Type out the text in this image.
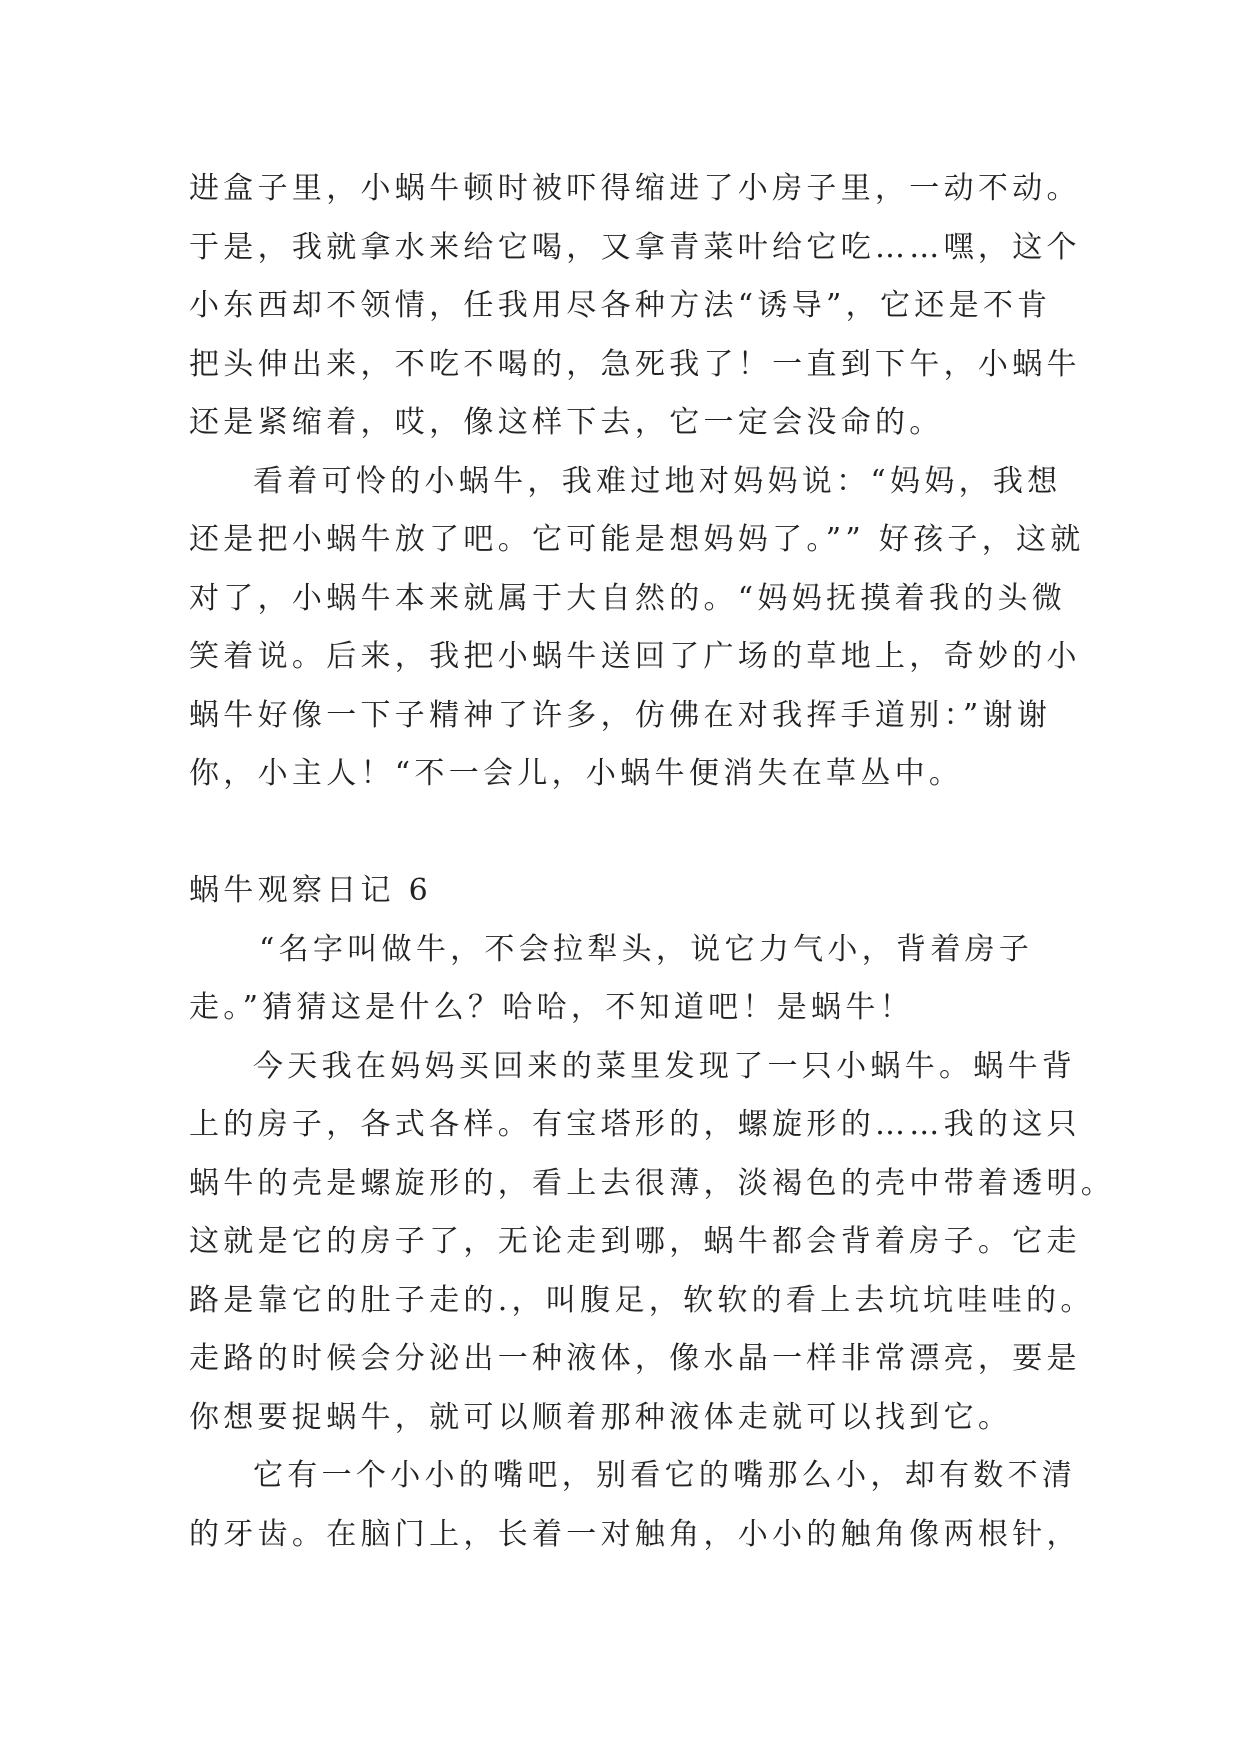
进盒子里，小蜗牛顿时被吓得缩进了小房子里，一动不动。
于是，我就拿水来给它喝，又拿青菜叶给它吃……嘿，这个
小东西却不领情，任我用尽各种方法“诱导”，它还是不肯
把头伸出来，不吃不喝的，急死我了！一直到下午，小蜗牛
还是紧缩着，哎，像这样下去，它一定会没命的。
看着可怜的小蜗牛，我难过地对妈妈说：“妈妈，我想
还是把小蜗牛放了吧。它可能是想妈妈了。”” 好孩子，这就
对了，小蜗牛本来就属于大自然的。“妈妈抚摸着我的头微
笑着说。后来，我把小蜗牛送回了广场的草地上，奇妙的小
蜗牛好像一下子精神了许多，仿佛在对我挥手道别：”谢谢
你，小主人！“不一会儿，小蜗牛便消失在草丛中。
蜗牛观察日记 6
“名字叫做牛，不会拉犁头，说它力气小，背着房子
走。”猜猜这是什么？哈哈，不知道吧！是蜗牛！
今天我在妈妈买回来的菜里发现了一只小蜗牛。蜗牛背
上的房子，各式各样。有宝塔形的，螺旋形的……我的这只
蜗牛的壳是螺旋形的，看上去很薄，淡褐色的壳中带着透明。
这就是它的房子了，无论走到哪，蜗牛都会背着房子。它走
路是靠它的肚子走的.，叫腹足，软软的看上去坑坑哇哇的。
走路的时候会分泌出一种液体，像水晶一样非常漂亮，要是
你想要捉蜗牛，就可以顺着那种液体走就可以找到它。
它有一个小小的嘴吧，别看它的嘴那么小，却有数不清
的牙齿。在脑门上，长着一对触角，小小的触角像两根针，
